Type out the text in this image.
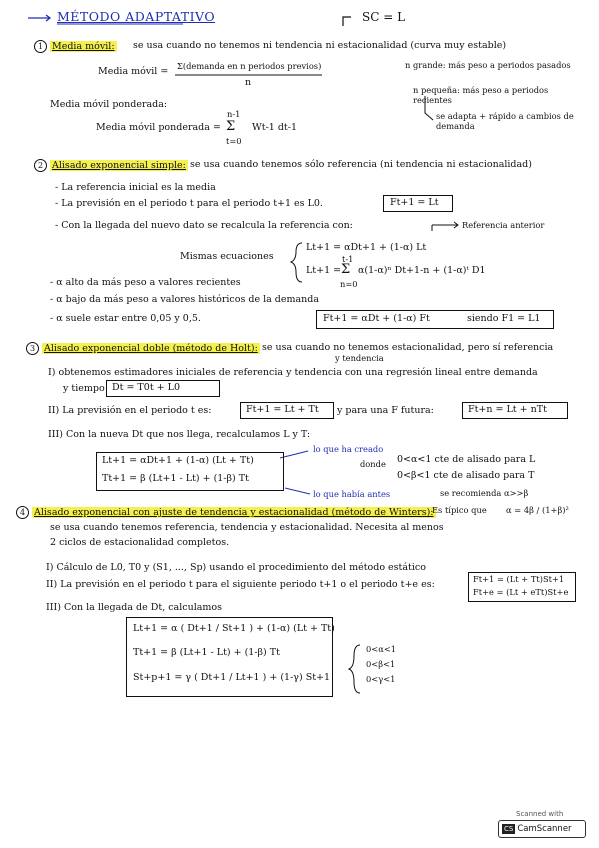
MÉTODO ADAPTATIVO	SC = L
1 Media móvil: se usa cuando no tenemos ni tendencia ni estacionalidad (curva muy estable)
Media móvil = Σ(demanda en n periodos previos)
n
n grande: más peso a periodos pasados
n pequeña: más peso a periodos recientes
se adapta + rápido a cambios de demanda
Media móvil ponderada:
Media móvil ponderada =
n-1
Σ
t=0
Wt-1 dt-1
2 Alisado exponencial simple: se usa cuando tenemos sólo referencia (ni tendencia ni estacionalidad)
- La referencia inicial es la media
- La previsión en el periodo t para el periodo t+1 es L0.	Ft+1 = Lt
- Con la llegada del nuevo dato se recalcula la referencia con:	Referencia anterior
Mismas ecuaciones
Lt+1 = αDt+1 + (1-α) Lt
Lt+1 =
t-1
Σ
n=0
α(1-α)ⁿ Dt+1-n + (1-α)ᵗ D1
- α alto da más peso a valores recientes
- α bajo da más peso a valores históricos de la demanda
- α suele estar entre 0,05 y 0,5.	Ft+1 = αDt + (1-α) Ft	siendo F1 = L1
3 Alisado exponencial doble (método de Holt): se usa cuando no tenemos estacionalidad, pero sí referencia
y tendencia
I) obtenemos estimadores iniciales de referencia y tendencia con una regresión lineal entre demanda
y tiempo Dt = T0t + L0
II) La previsión en el periodo t es:	Ft+1 = Lt + Tt y para una F futura:	Ft+n = Lt + nTt
III) Con la nueva Dt que nos llega, recalculamos L y T:
lo que ha creado
Lt+1 = αDt+1 + (1-α) (Lt + Tt)
Tt+1 = β (Lt+1 - Lt) + (1-β) Tt
lo que había antes
donde 0<α<1 cte de alisado para L
0<β<1 cte de alisado para T
se recomienda α>>β
4 Alisado exponencial con ajuste de tendencia y estacionalidad (método de Winters):
Es típico que α = 4β / (1+β)²
se usa cuando tenemos referencia, tendencia y estacionalidad. Necesita al menos
2 ciclos de estacionalidad completos.
I) Cálculo de L0, T0 y (S1, ..., Sp) usando el procedimiento del método estático
II) La previsión en el periodo t para el siguiente periodo t+1 o el periodo t+e es:	Ft+1 = (Lt + Tt)St+1
Ft+e = (Lt + eTt)St+e
III) Con la llegada de Dt, calculamos
Lt+1 = α ( Dt+1 / St+1 ) + (1-α) (Lt + Tt)
Tt+1 = β (Lt+1 - Lt) + (1-β) Tt
St+p+1 = γ ( Dt+1 / Lt+1 ) + (1-γ) St+1
0<α<1
0<β<1
0<γ<1
Scanned with
CS CamScanner
